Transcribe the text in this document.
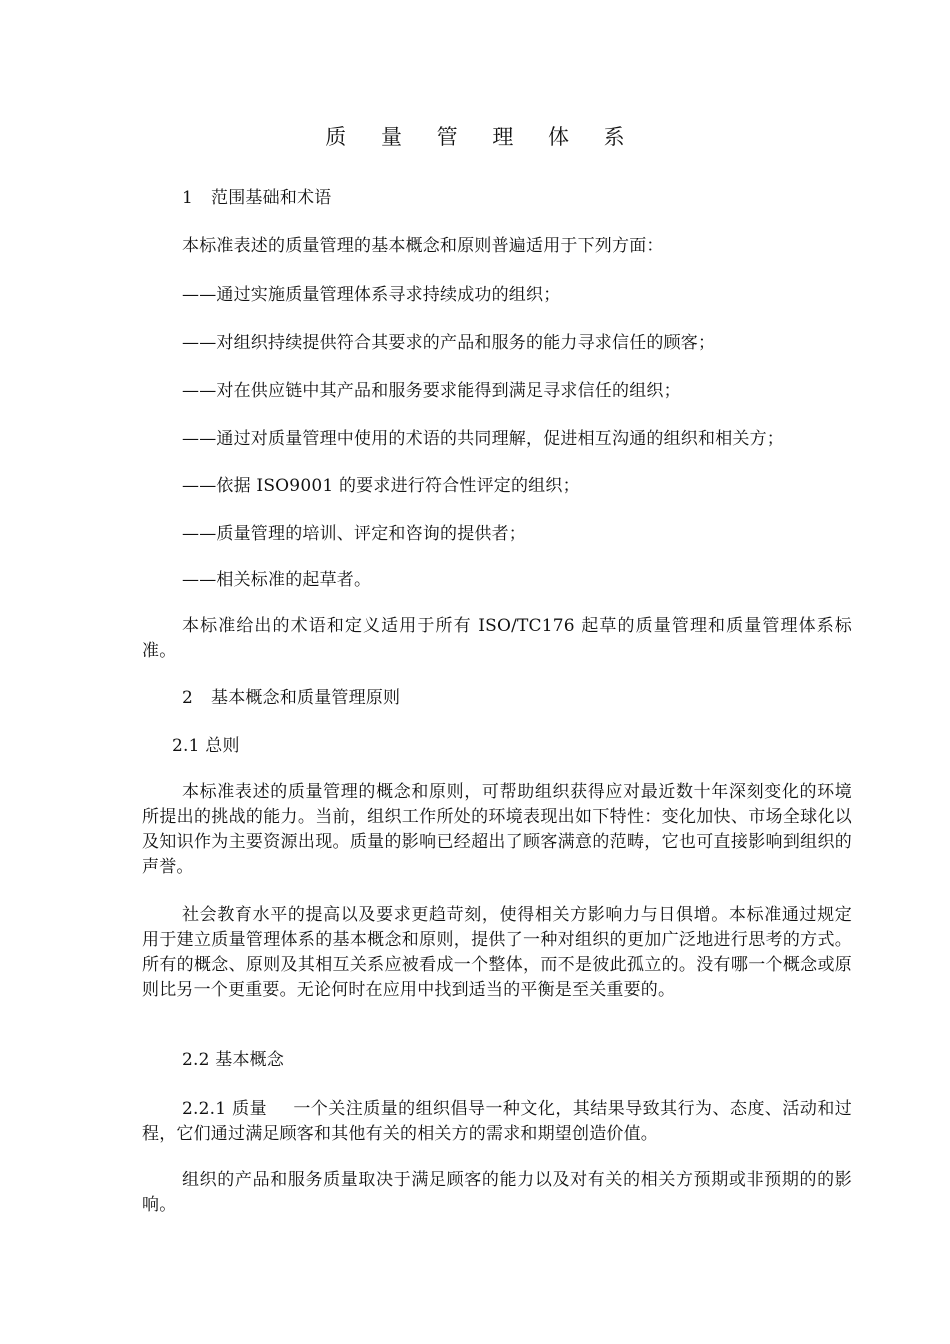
质 量 管 理 体 系

1 范围基础和术语

本标准表述的质量管理的基本概念和原则普遍适用于下列方面：

——通过实施质量管理体系寻求持续成功的组织；

——对组织持续提供符合其要求的产品和服务的能力寻求信任的顾客；

——对在供应链中其产品和服务要求能得到满足寻求信任的组织；

——通过对质量管理中使用的术语的共同理解，促进相互沟通的组织和相关方；

——依据 ISO9001 的要求进行符合性评定的组织；

——质量管理的培训、评定和咨询的提供者；

——相关标准的起草者。

本标准给出的术语和定义适用于所有 ISO/TC176 起草的质量管理和质量管理体系标准。

2 基本概念和质量管理原则

2.1 总则

本标准表述的质量管理的概念和原则，可帮助组织获得应对最近数十年深刻变化的环境所提出的挑战的能力。当前，组织工作所处的环境表现出如下特性：变化加快、市场全球化以及知识作为主要资源出现。质量的影响已经超出了顾客满意的范畴，它也可直接影响到组织的声誉。

社会教育水平的提高以及要求更趋苛刻，使得相关方影响力与日俱增。本标准通过规定用于建立质量管理体系的基本概念和原则，提供了一种对组织的更加广泛地进行思考的方式。所有的概念、原则及其相互关系应被看成一个整体，而不是彼此孤立的。没有哪一个概念或原则比另一个更重要。无论何时在应用中找到适当的平衡是至关重要的。

2.2 基本概念

2.2.1 质量 一个关注质量的组织倡导一种文化，其结果导致其行为、态度、活动和过程，它们通过满足顾客和其他有关的相关方的需求和期望创造价值。

组织的产品和服务质量取决于满足顾客的能力以及对有关的相关方预期或非预期的的影响。
